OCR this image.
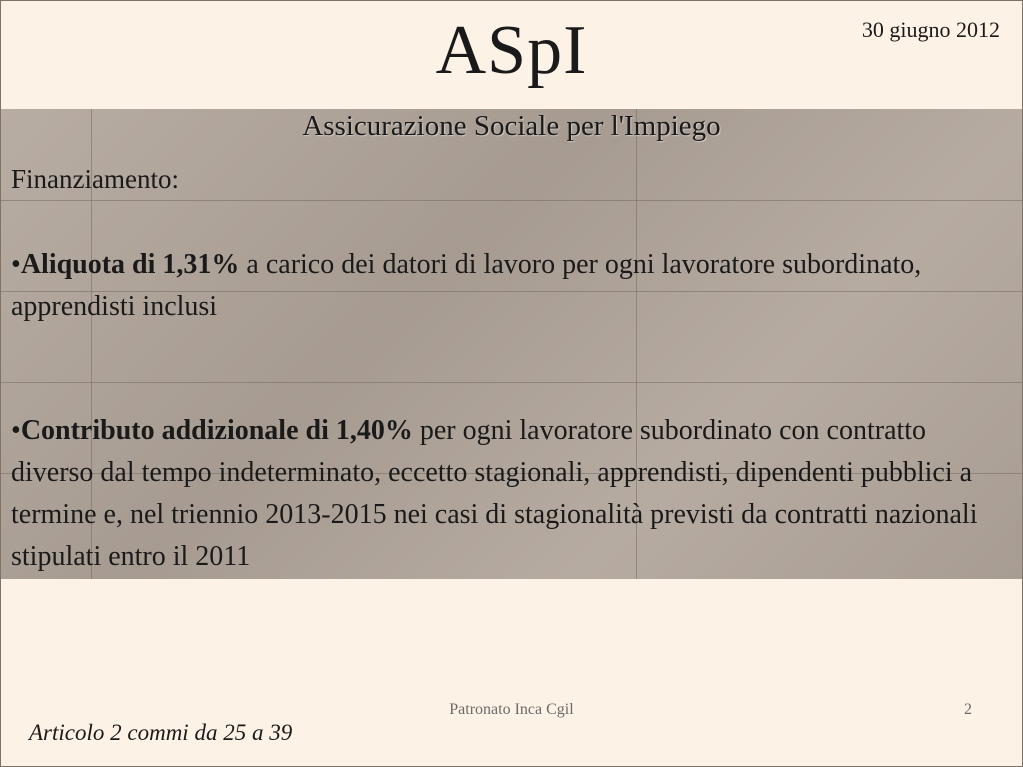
ASpI	30 giugno 2012
Assicurazione Sociale per l'Impiego
Finanziamento:
•Aliquota di 1,31% a carico dei datori di lavoro per ogni lavoratore subordinato, apprendisti inclusi
•Contributo addizionale di 1,40% per ogni lavoratore subordinato con contratto diverso dal tempo indeterminato, eccetto stagionali, apprendisti, dipendenti pubblici a termine e, nel triennio 2013-2015 nei casi di stagionalità previsti da contratti nazionali stipulati entro il 2011
Patronato Inca Cgil	2
Articolo 2 commi da 25 a 39
